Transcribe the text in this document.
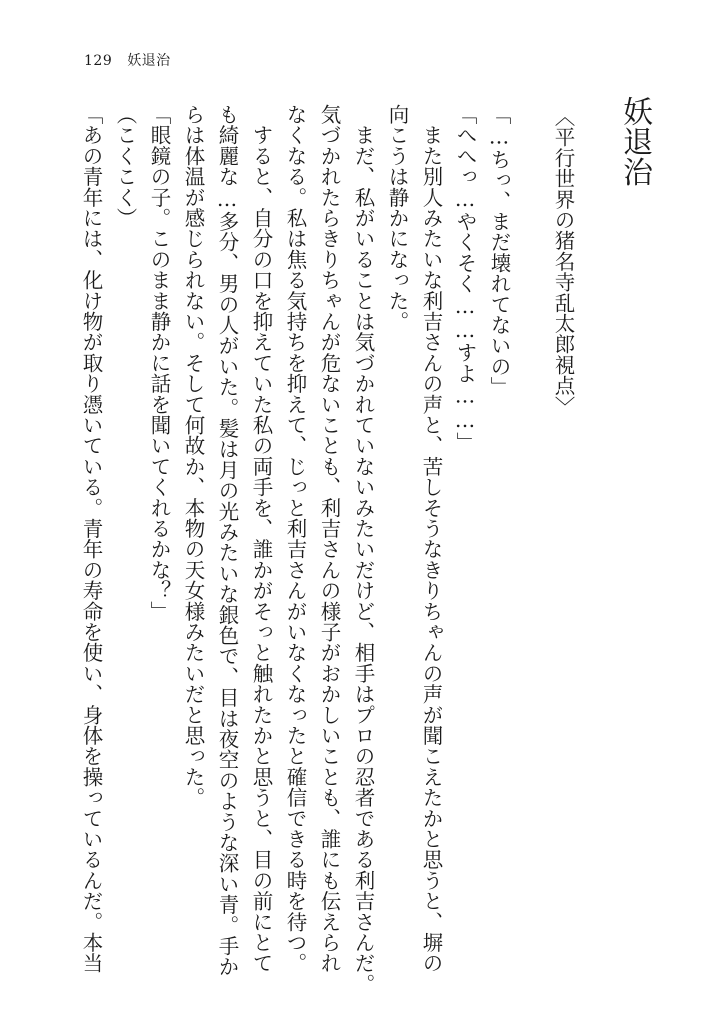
129 妖退治
妖退治
〈平行世界の猪名寺乱太郎視点〉
「…ちっ、まだ壊れてないの」
「へへっ…やくそく……すよ……」
　また別人みたいな利吉さんの声と、苦しそうなきりちゃんの声が聞こえたかと思うと、塀の
向こうは静かになった。
　まだ、私がいることは気づかれていないみたいだけど、相手はプロの忍者である利吉さんだ。
気づかれたらきりちゃんが危ないことも、利吉さんの様子がおかしいことも、誰にも伝えられ
なくなる。私は焦る気持ちを抑えて、じっと利吉さんがいなくなったと確信できる時を待つ。
　すると、自分の口を抑えていた私の両手を、誰かがそっと触れたかと思うと、目の前にとて
も綺麗な…多分、男の人がいた。髪は月の光みたいな銀色で、目は夜空のような深い青。手か
らは体温が感じられない。そして何故か、本物の天女様みたいだと思った。
「眼鏡の子。このまま静かに話を聞いてくれるかな？」
（こくこく）
「あの青年には、化け物が取り憑いている。青年の寿命を使い、身体を操っているんだ。本当
